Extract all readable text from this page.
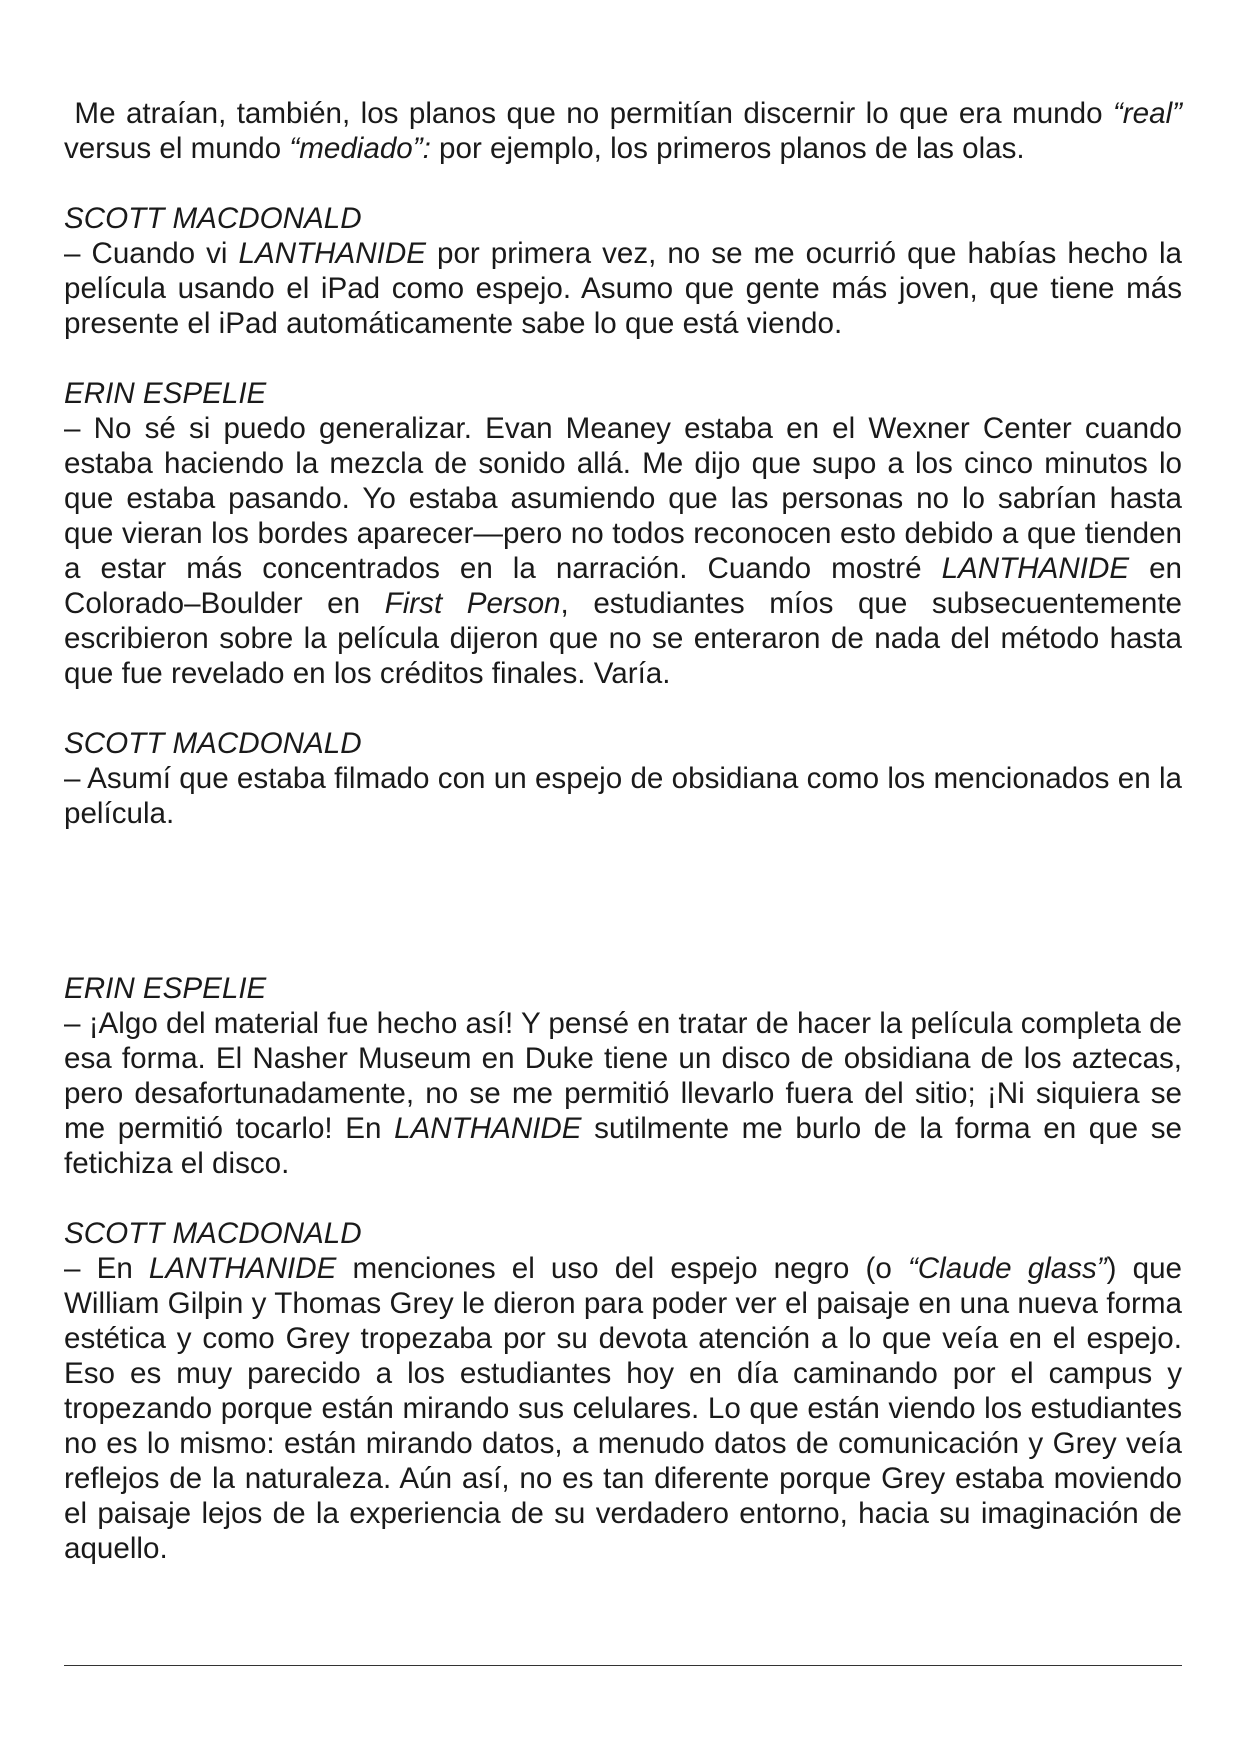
Me atraían, también, los planos que no permitían discernir lo que era mundo “real” versus el mundo “mediado”: por ejemplo, los primeros planos de las olas.

SCOTT MACDONALD

– Cuando vi LANTHANIDE por primera vez, no se me ocurrió que habías hecho la película usando el iPad como espejo. Asumo que gente más joven, que tiene más presente el iPad automáticamente sabe lo que está viendo.

ERIN ESPELIE

– No sé si puedo generalizar. Evan Meaney estaba en el Wexner Center cuando estaba haciendo la mezcla de sonido allá. Me dijo que supo a los cinco minutos lo que estaba pasando. Yo estaba asumiendo que las personas no lo sabrían hasta que vieran los bordes aparecer—pero no todos reconocen esto debido a que tienden a estar más concentrados en la narración. Cuando mostré LANTHANIDE en Colorado–Boulder en First Person, estudiantes míos que subsecuentemente escribieron sobre la película dijeron que no se enteraron de nada del método hasta que fue revelado en los créditos finales. Varía.

SCOTT MACDONALD

– Asumí que estaba filmado con un espejo de obsidiana como los mencionados en la película.

ERIN ESPELIE

– ¡Algo del material fue hecho así! Y pensé en tratar de hacer la película completa de esa forma. El Nasher Museum en Duke tiene un disco de obsidiana de los aztecas, pero desafortunadamente, no se me permitió llevarlo fuera del sitio; ¡Ni siquiera se me permitió tocarlo! En LANTHANIDE sutilmente me burlo de la forma en que se fetichiza el disco.

SCOTT MACDONALD

– En LANTHANIDE menciones el uso del espejo negro (o “Claude glass”) que William Gilpin y Thomas Grey le dieron para poder ver el paisaje en una nueva forma estética y como Grey tropezaba por su devota atención a lo que veía en el espejo. Eso es muy parecido a los estudiantes hoy en día caminando por el campus y tropezando porque están mirando sus celulares. Lo que están viendo los estudiantes no es lo mismo: están mirando datos, a menudo datos de comunicación y Grey veía reflejos de la naturaleza. Aún así, no es tan diferente porque Grey estaba moviendo el paisaje lejos de la experiencia de su verdadero entorno, hacia su imaginación de aquello.
